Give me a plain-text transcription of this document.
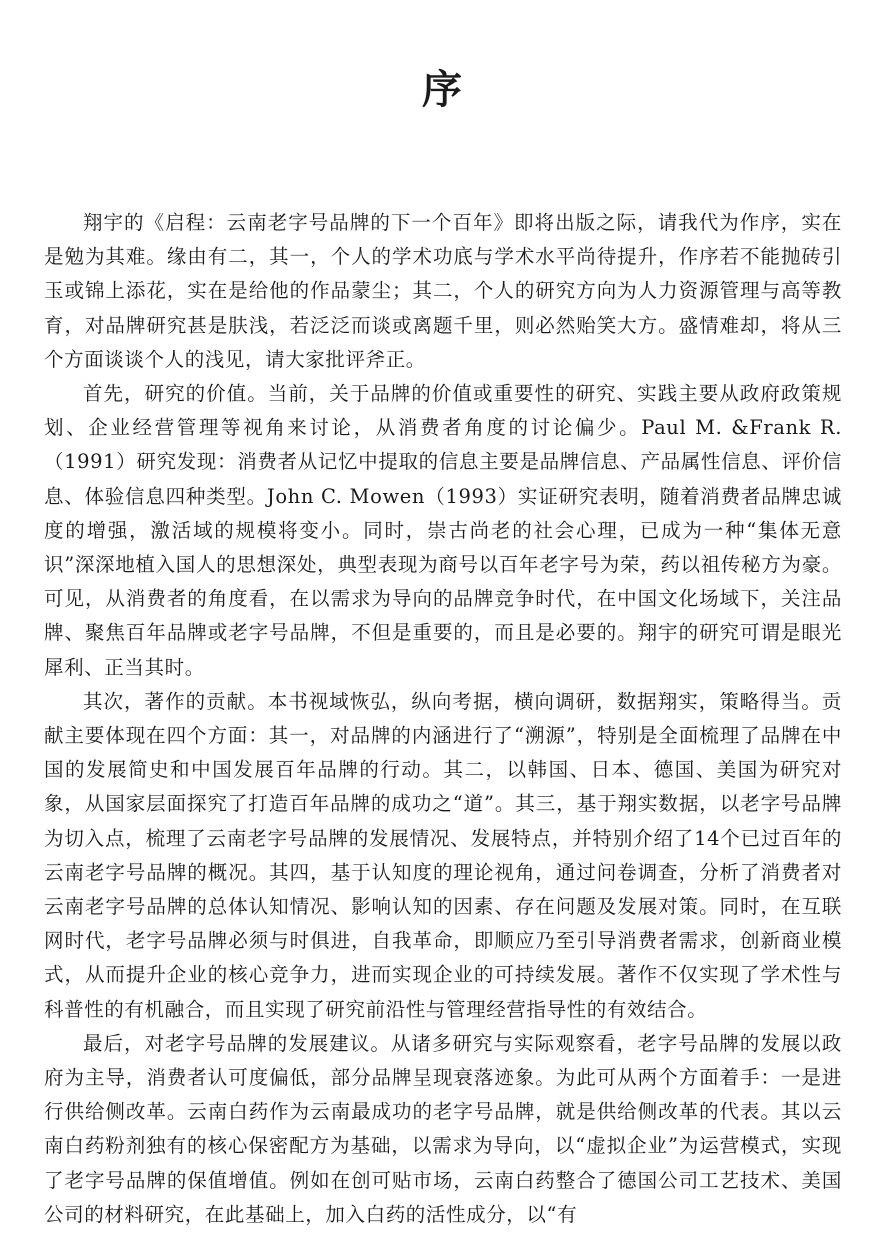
序

翔宇的《启程：云南老字号品牌的下一个百年》即将出版之际，请我代为作序，实在是勉为其难。缘由有二，其一，个人的学术功底与学术水平尚待提升，作序若不能抛砖引玉或锦上添花，实在是给他的作品蒙尘；其二，个人的研究方向为人力资源管理与高等教育，对品牌研究甚是肤浅，若泛泛而谈或离题千里，则必然贻笑大方。盛情难却，将从三个方面谈谈个人的浅见，请大家批评斧正。

首先，研究的价值。当前，关于品牌的价值或重要性的研究、实践主要从政府政策规划、企业经营管理等视角来讨论，从消费者角度的讨论偏少。Paul M. &Frank R.（1991）研究发现：消费者从记忆中提取的信息主要是品牌信息、产品属性信息、评价信息、体验信息四种类型。John C. Mowen（1993）实证研究表明，随着消费者品牌忠诚度的增强，激活域的规模将变小。同时，崇古尚老的社会心理，已成为一种“集体无意识”深深地植入国人的思想深处，典型表现为商号以百年老字号为荣，药以祖传秘方为豪。可见，从消费者的角度看，在以需求为导向的品牌竞争时代，在中国文化场域下，关注品牌、聚焦百年品牌或老字号品牌，不但是重要的，而且是必要的。翔宇的研究可谓是眼光犀利、正当其时。

其次，著作的贡献。本书视域恢弘，纵向考据，横向调研，数据翔实，策略得当。贡献主要体现在四个方面：其一，对品牌的内涵进行了“溯源”，特别是全面梳理了品牌在中国的发展简史和中国发展百年品牌的行动。其二，以韩国、日本、德国、美国为研究对象，从国家层面探究了打造百年品牌的成功之“道”。其三，基于翔实数据，以老字号品牌为切入点，梳理了云南老字号品牌的发展情况、发展特点，并特别介绍了14个已过百年的云南老字号品牌的概况。其四，基于认知度的理论视角，通过问卷调查，分析了消费者对云南老字号品牌的总体认知情况、影响认知的因素、存在问题及发展对策。同时，在互联网时代，老字号品牌必须与时俱进，自我革命，即顺应乃至引导消费者需求，创新商业模式，从而提升企业的核心竞争力，进而实现企业的可持续发展。著作不仅实现了学术性与科普性的有机融合，而且实现了研究前沿性与管理经营指导性的有效结合。

最后，对老字号品牌的发展建议。从诸多研究与实际观察看，老字号品牌的发展以政府为主导，消费者认可度偏低，部分品牌呈现衰落迹象。为此可从两个方面着手：一是进行供给侧改革。云南白药作为云南最成功的老字号品牌，就是供给侧改革的代表。其以云南白药粉剂独有的核心保密配方为基础，以需求为导向，以“虚拟企业”为运营模式，实现了老字号品牌的保值增值。例如在创可贴市场，云南白药整合了德国公司工艺技术、美国公司的材料研究，在此基础上，加入白药的活性成分，以“有
